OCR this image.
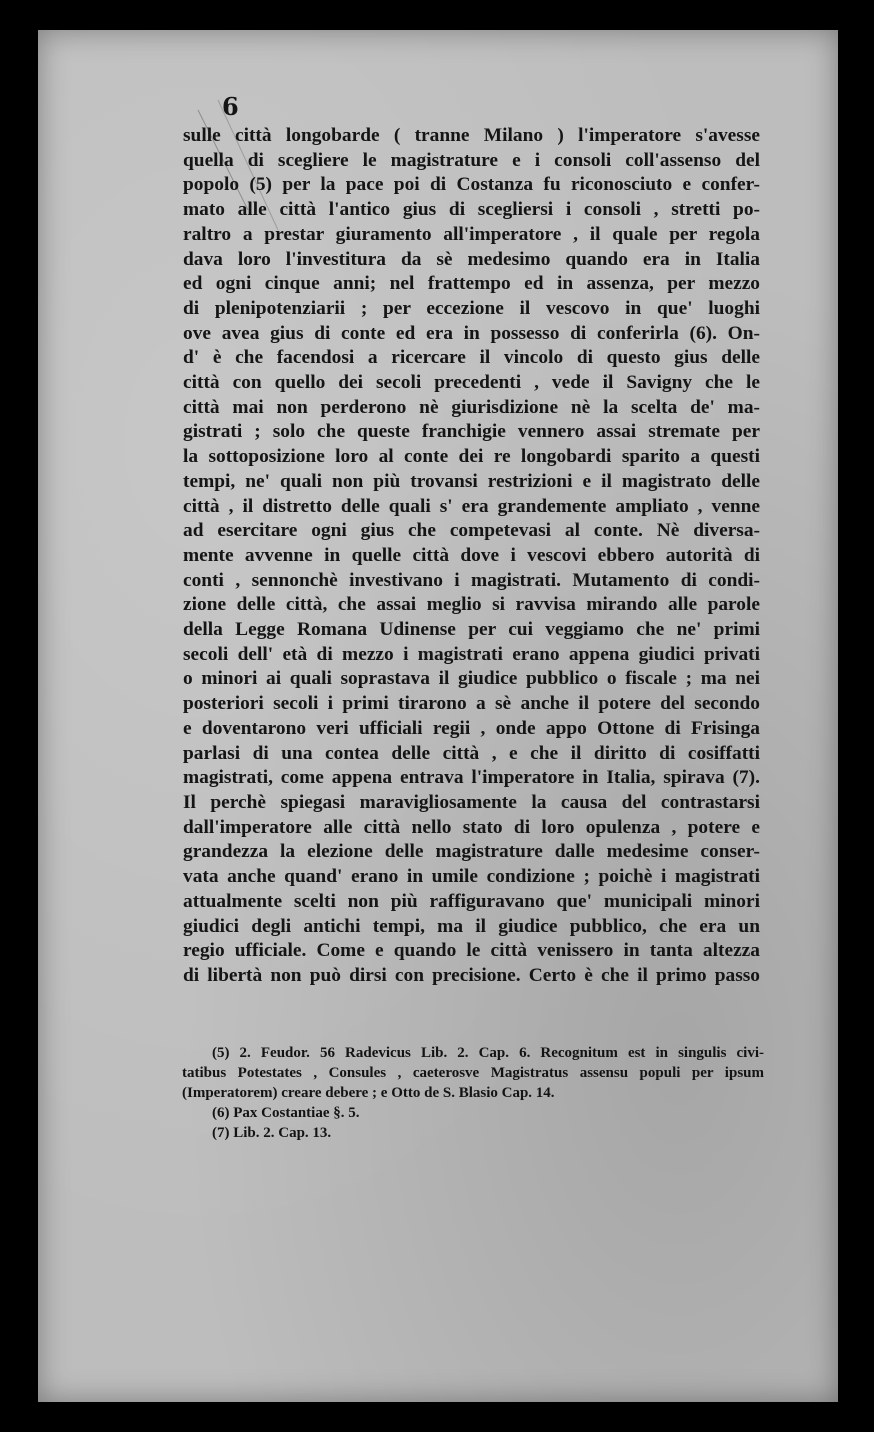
6
sulle città longobarde ( tranne Milano ) l'imperatore s'avesse
quella di scegliere le magistrature e i consoli coll'assenso del
popolo (5) per la pace poi di Costanza fu riconosciuto e confer-
mato alle città l'antico gius di scegliersi i consoli , stretti po-
raltro a prestar giuramento all'imperatore , il quale per regola
dava loro l'investitura da sè medesimo quando era in Italia
ed ogni cinque anni; nel frattempo ed in assenza, per mezzo
di plenipotenziarii ; per eccezione il vescovo in que' luoghi
ove avea gius di conte ed era in possesso di conferirla (6). On-
d' è che facendosi a ricercare il vincolo di questo gius delle
città con quello dei secoli precedenti , vede il Savigny che le
città mai non perderono nè giurisdizione nè la scelta de' ma-
gistrati ; solo che queste franchigie vennero assai stremate per
la sottoposizione loro al conte dei re longobardi sparito a questi
tempi, ne' quali non più trovansi restrizioni e il magistrato delle
città , il distretto delle quali s' era grandemente ampliato , venne
ad esercitare ogni gius che competevasi al conte. Nè diversa-
mente avvenne in quelle città dove i vescovi ebbero autorità di
conti , sennonchè investivano i magistrati. Mutamento di condi-
zione delle città, che assai meglio si ravvisa mirando alle parole
della Legge Romana Udinense per cui veggiamo che ne' primi
secoli dell' età di mezzo i magistrati erano appena giudici privati
o minori ai quali soprastava il giudice pubblico o fiscale ; ma nei
posteriori secoli i primi tirarono a sè anche il potere del secondo
e doventarono veri ufficiali regii , onde appo Ottone di Frisinga
parlasi di una contea delle città , e che il diritto di cosiffatti
magistrati, come appena entrava l'imperatore in Italia, spirava (7).
Il perchè spiegasi maravigliosamente la causa del contrastarsi
dall'imperatore alle città nello stato di loro opulenza , potere e
grandezza la elezione delle magistrature dalle medesime conser-
vata anche quand' erano in umile condizione ; poichè i magistrati
attualmente scelti non più raffiguravano que' municipali minori
giudici degli antichi tempi, ma il giudice pubblico, che era un
regio ufficiale. Come e quando le città venissero in tanta altezza
di libertà non può dirsi con precisione. Certo è che il primo passo
(5) 2. Feudor. 56 Radevicus Lib. 2. Cap. 6. Recognitum est in singulis civi-
tatibus Potestates , Consules , caeterosve Magistratus assensu populi per ipsum
(Imperatorem) creare debere ; e Otto de S. Blasio Cap. 14.
(6) Pax Costantiae §. 5.
(7) Lib. 2. Cap. 13.
